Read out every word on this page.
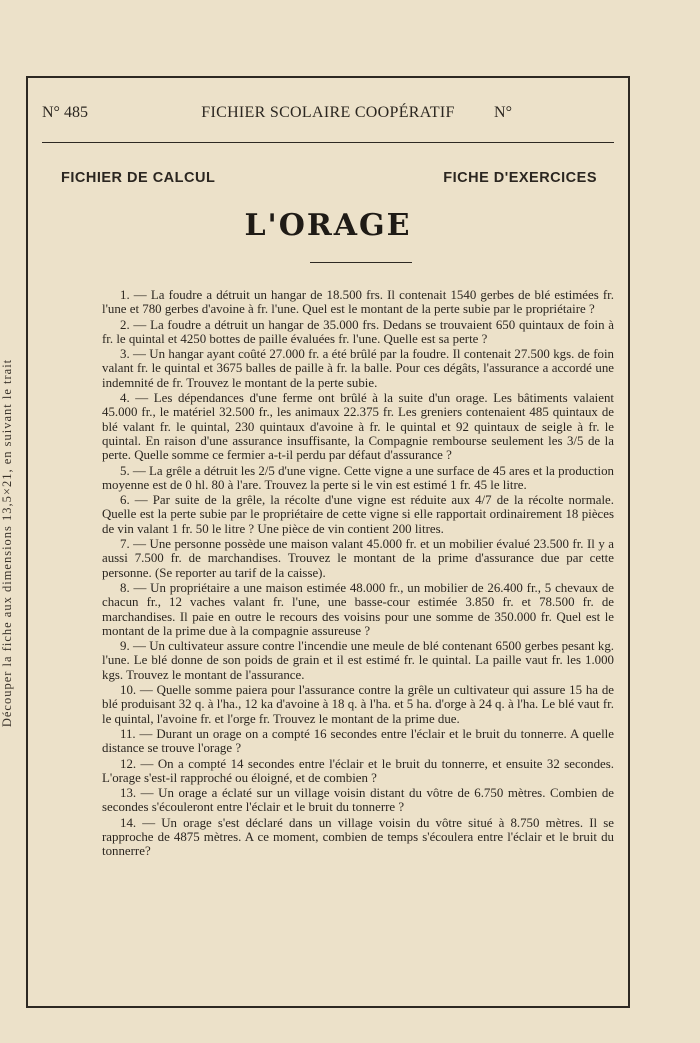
Découper la fiche aux dimensions 13,5×21, en suivant le trait
N° 485	FICHIER SCOLAIRE COOPÉRATIF	N°
FICHIER DE CALCUL	FICHE D'EXERCICES
L'ORAGE

1. — La foudre a détruit un hangar de 18.500 frs. Il contenait 1540 gerbes de blé estimées fr. l'une et 780 gerbes d'avoine à fr. l'une. Quel est le montant de la perte subie par le propriétaire ?

2. — La foudre a détruit un hangar de 35.000 frs. Dedans se trouvaient 650 quintaux de foin à fr. le quintal et 4250 bottes de paille évaluées fr. l'une. Quelle est sa perte ?

3. — Un hangar ayant coûté 27.000 fr. a été brûlé par la foudre. Il contenait 27.500 kgs. de foin valant fr. le quintal et 3675 balles de paille à fr. la balle. Pour ces dégâts, l'assurance a accordé une indemnité de fr. Trouvez le montant de la perte subie.

4. — Les dépendances d'une ferme ont brûlé à la suite d'un orage. Les bâtiments valaient 45.000 fr., le matériel 32.500 fr., les animaux 22.375 fr. Les greniers contenaient 485 quintaux de blé valant fr. le quintal, 230 quintaux d'avoine à fr. le quintal et 92 quintaux de seigle à fr. le quintal. En raison d'une assurance insuffisante, la Compagnie rembourse seulement les 3/5 de la perte. Quelle somme ce fermier a-t-il perdu par défaut d'assurance ?

5. — La grêle a détruit les 2/5 d'une vigne. Cette vigne a une surface de 45 ares et la production moyenne est de 0 hl. 80 à l'are. Trouvez la perte si le vin est estimé 1 fr. 45 le litre.

6. — Par suite de la grêle, la récolte d'une vigne est réduite aux 4/7 de la récolte normale. Quelle est la perte subie par le propriétaire de cette vigne si elle rapportait ordinairement 18 pièces de vin valant 1 fr. 50 le litre ? Une pièce de vin contient 200 litres.

7. — Une personne possède une maison valant 45.000 fr. et un mobilier évalué 23.500 fr. Il y a aussi 7.500 fr. de marchandises. Trouvez le montant de la prime d'assurance due par cette personne. (Se reporter au tarif de la caisse).

8. — Un propriétaire a une maison estimée 48.000 fr., un mobilier de 26.400 fr., 5 chevaux de chacun fr., 12 vaches valant fr. l'une, une basse-cour estimée 3.850 fr. et 78.500 fr. de marchandises. Il paie en outre le recours des voisins pour une somme de 350.000 fr. Quel est le montant de la prime due à la compagnie assureuse ?

9. — Un cultivateur assure contre l'incendie une meule de blé contenant 6500 gerbes pesant kg. l'une. Le blé donne de son poids de grain et il est estimé fr. le quintal. La paille vaut fr. les 1.000 kgs. Trouvez le montant de l'assurance.

10. — Quelle somme paiera pour l'assurance contre la grêle un cultivateur qui assure 15 ha de blé produisant 32 q. à l'ha., 12 ka d'avoine à 18 q. à l'ha. et 5 ha. d'orge à 24 q. à l'ha. Le blé vaut fr. le quintal, l'avoine fr. et l'orge fr. Trouvez le montant de la prime due.

11. — Durant un orage on a compté 16 secondes entre l'éclair et le bruit du tonnerre. A quelle distance se trouve l'orage ?

12. — On a compté 14 secondes entre l'éclair et le bruit du tonnerre, et ensuite 32 secondes. L'orage s'est-il rapproché ou éloigné, et de combien ?

13. — Un orage a éclaté sur un village voisin distant du vôtre de 6.750 mètres. Combien de secondes s'écouleront entre l'éclair et le bruit du tonnerre ?

14. — Un orage s'est déclaré dans un village voisin du vôtre situé à 8.750 mètres. Il se rapproche de 4875 mètres. A ce moment, combien de temps s'écoulera entre l'éclair et le bruit du tonnerre?
